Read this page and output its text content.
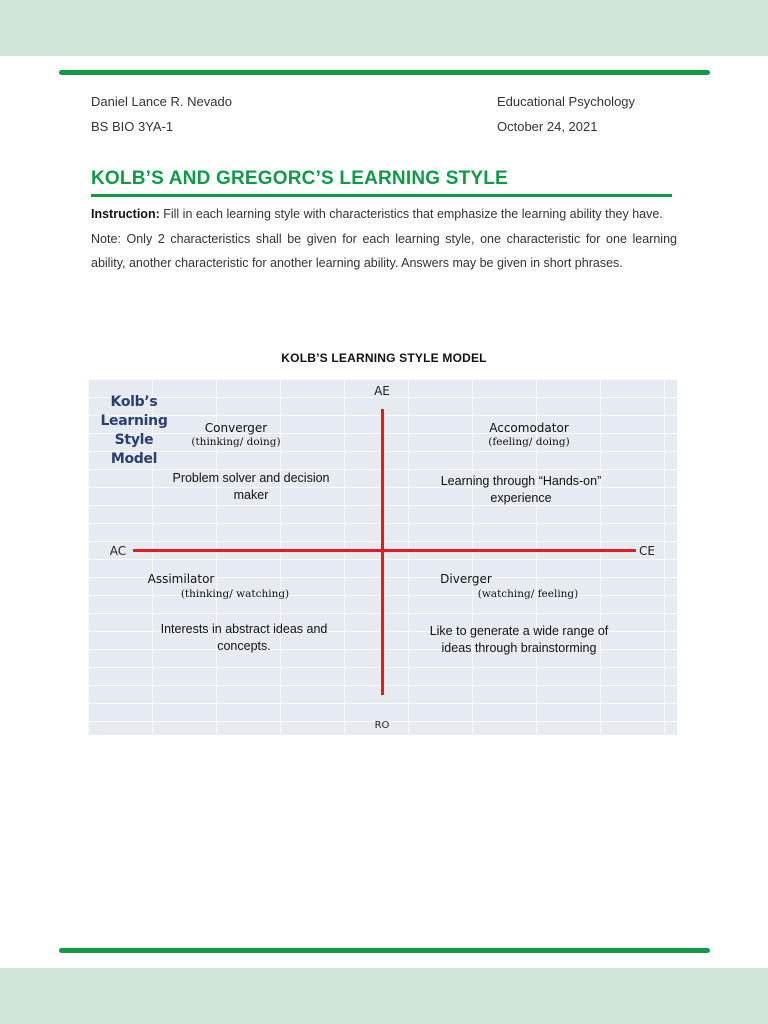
Daniel Lance R. Nevado
BS BIO 3YA-1
Educational Psychology
October 24, 2021
KOLB’S AND GREGORC’S LEARNING STYLE

Instruction: Fill in each learning style with characteristics that emphasize the learning ability they have.

Note: Only 2 characteristics shall be given for each learning style, one characteristic for one learning ability, another characteristic for another learning ability. Answers may be given in short phrases.

KOLB’S LEARNING STYLE MODEL
AE
RO
AC	CE
Kolb’s Learning Style Model
Converger
(thinking/ doing)
Problem solver and decision maker
Accomodator
(feeling/ doing)
Learning through “Hands-on” experience
Assimilator
(thinking/ watching)
Interests in abstract ideas and concepts.
Diverger
(watching/ feeling)
Like to generate a wide range of ideas through brainstorming
